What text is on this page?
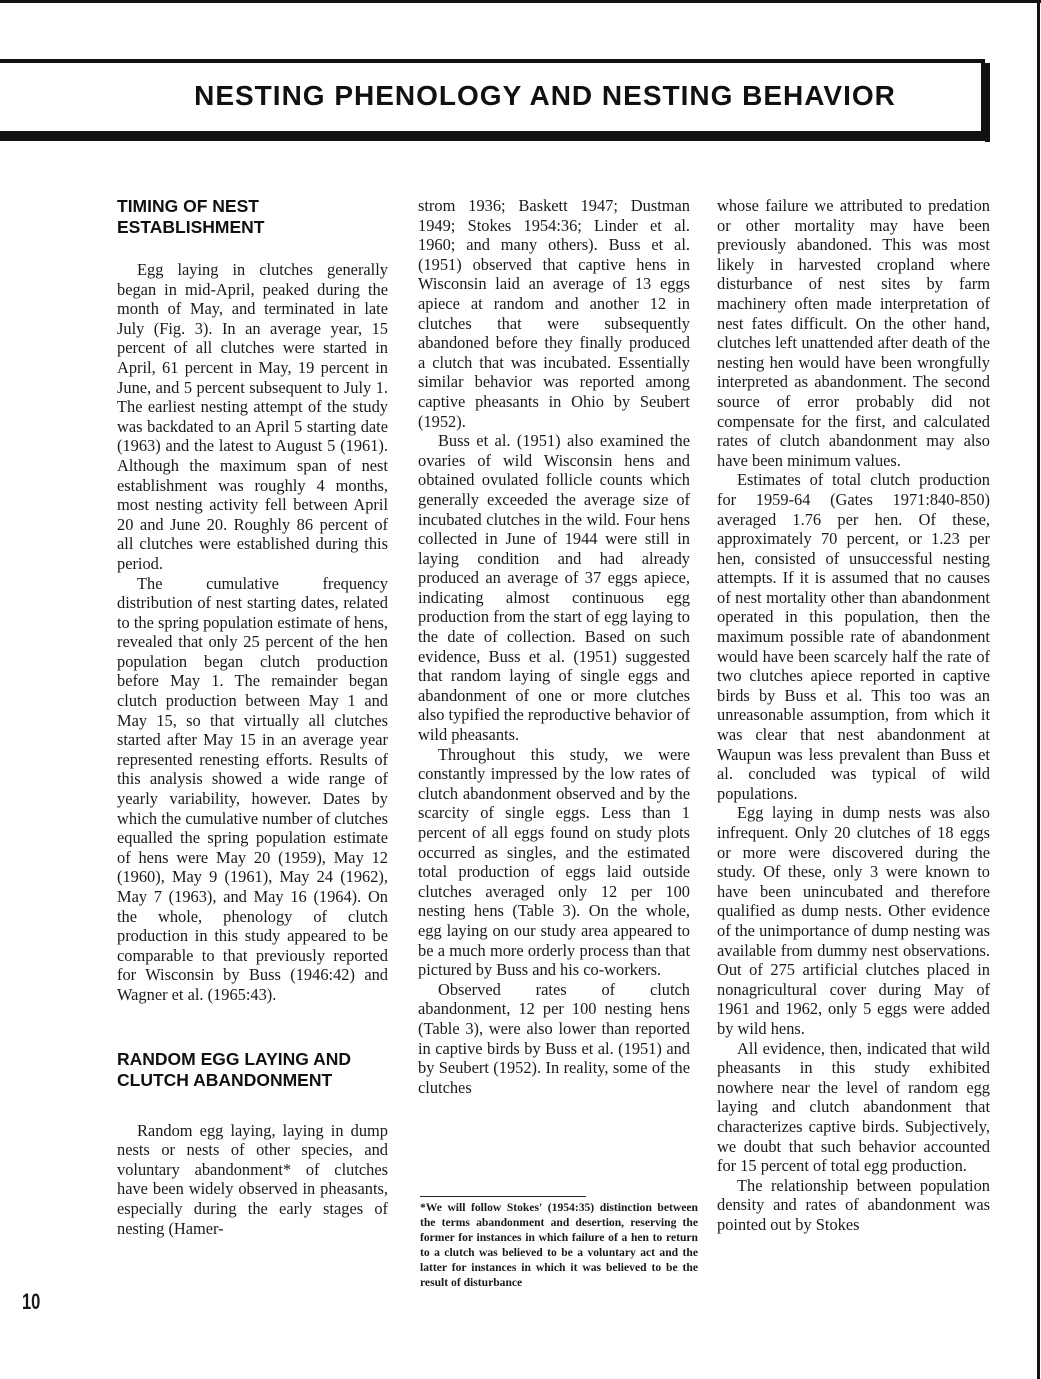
NESTING PHENOLOGY AND NESTING BEHAVIOR
TIMING OF NEST ESTABLISHMENT

Egg laying in clutches generally began in mid-April, peaked during the month of May, and terminated in late July (Fig. 3). In an average year, 15 percent of all clutches were started in April, 61 percent in May, 19 percent in June, and 5 percent subsequent to July 1. The earliest nesting attempt of the study was backdated to an April 5 starting date (1963) and the latest to August 5 (1961). Although the maximum span of nest establishment was roughly 4 months, most nesting activity fell between April 20 and June 20. Roughly 86 percent of all clutches were established during this period.

The cumulative frequency distribution of nest starting dates, related to the spring population estimate of hens, revealed that only 25 percent of the hen population began clutch production before May 1. The remainder began clutch production between May 1 and May 15, so that virtually all clutches started after May 15 in an average year represented renesting efforts. Results of this analysis showed a wide range of yearly variability, however. Dates by which the cumulative number of clutches equalled the spring population estimate of hens were May 20 (1959), May 12 (1960), May 9 (1961), May 24 (1962), May 7 (1963), and May 16 (1964). On the whole, phenology of clutch production in this study appeared to be comparable to that previously reported for Wisconsin by Buss (1946:42) and Wagner et al. (1965:43).

RANDOM EGG LAYING AND CLUTCH ABANDONMENT

Random egg laying, laying in dump nests or nests of other species, and voluntary abandonment* of clutches have been widely observed in pheasants, especially during the early stages of nesting (Hamer-

strom 1936; Baskett 1947; Dustman 1949; Stokes 1954:36; Linder et al. 1960; and many others). Buss et al. (1951) observed that captive hens in Wisconsin laid an average of 13 eggs apiece at random and another 12 in clutches that were subsequently abandoned before they finally produced a clutch that was incubated. Essentially similar behavior was reported among captive pheasants in Ohio by Seubert (1952).

Buss et al. (1951) also examined the ovaries of wild Wisconsin hens and obtained ovulated follicle counts which generally exceeded the average size of incubated clutches in the wild. Four hens collected in June of 1944 were still in laying condition and had already produced an average of 37 eggs apiece, indicating almost continuous egg production from the start of egg laying to the date of collection. Based on such evidence, Buss et al. (1951) suggested that random laying of single eggs and abandonment of one or more clutches also typified the reproductive behavior of wild pheasants.

Throughout this study, we were constantly impressed by the low rates of clutch abandonment observed and by the scarcity of single eggs. Less than 1 percent of all eggs found on study plots occurred as singles, and the estimated total production of eggs laid outside clutches averaged only 12 per 100 nesting hens (Table 3). On the whole, egg laying on our study area appeared to be a much more orderly process than that pictured by Buss and his co-workers.

Observed rates of clutch abandonment, 12 per 100 nesting hens (Table 3), were also lower than reported in captive birds by Buss et al. (1951) and by Seubert (1952). In reality, some of the clutches

whose failure we attributed to predation or other mortality may have been previously abandoned. This was most likely in harvested cropland where disturbance of nest sites by farm machinery often made interpretation of nest fates difficult. On the other hand, clutches left unattended after death of the nesting hen would have been wrongfully interpreted as abandonment. The second source of error probably did not compensate for the first, and calculated rates of clutch abandonment may also have been minimum values.

Estimates of total clutch production for 1959-64 (Gates 1971:840-850) averaged 1.76 per hen. Of these, approximately 70 percent, or 1.23 per hen, consisted of unsuccessful nesting attempts. If it is assumed that no causes of nest mortality other than abandonment operated in this population, then the maximum possible rate of abandonment would have been scarcely half the rate of two clutches apiece reported in captive birds by Buss et al. This too was an unreasonable assumption, from which it was clear that nest abandonment at Waupun was less prevalent than Buss et al. concluded was typical of wild populations.

Egg laying in dump nests was also infrequent. Only 20 clutches of 18 eggs or more were discovered during the study. Of these, only 3 were known to have been unincubated and therefore qualified as dump nests. Other evidence of the unimportance of dump nesting was available from dummy nest observations. Out of 275 artificial clutches placed in nonagricultural cover during May of 1961 and 1962, only 5 eggs were added by wild hens.

All evidence, then, indicated that wild pheasants in this study exhibited nowhere near the level of random egg laying and clutch abandonment that characterizes captive birds. Subjectively, we doubt that such behavior accounted for 15 percent of total egg production.

The relationship between population density and rates of abandonment was pointed out by Stokes

*We will follow Stokes' (1954:35) distinction between the terms abandonment and desertion, reserving the former for instances in which failure of a hen to return to a clutch was believed to be a voluntary act and the latter for instances in which it was believed to be the result of disturbance

10
